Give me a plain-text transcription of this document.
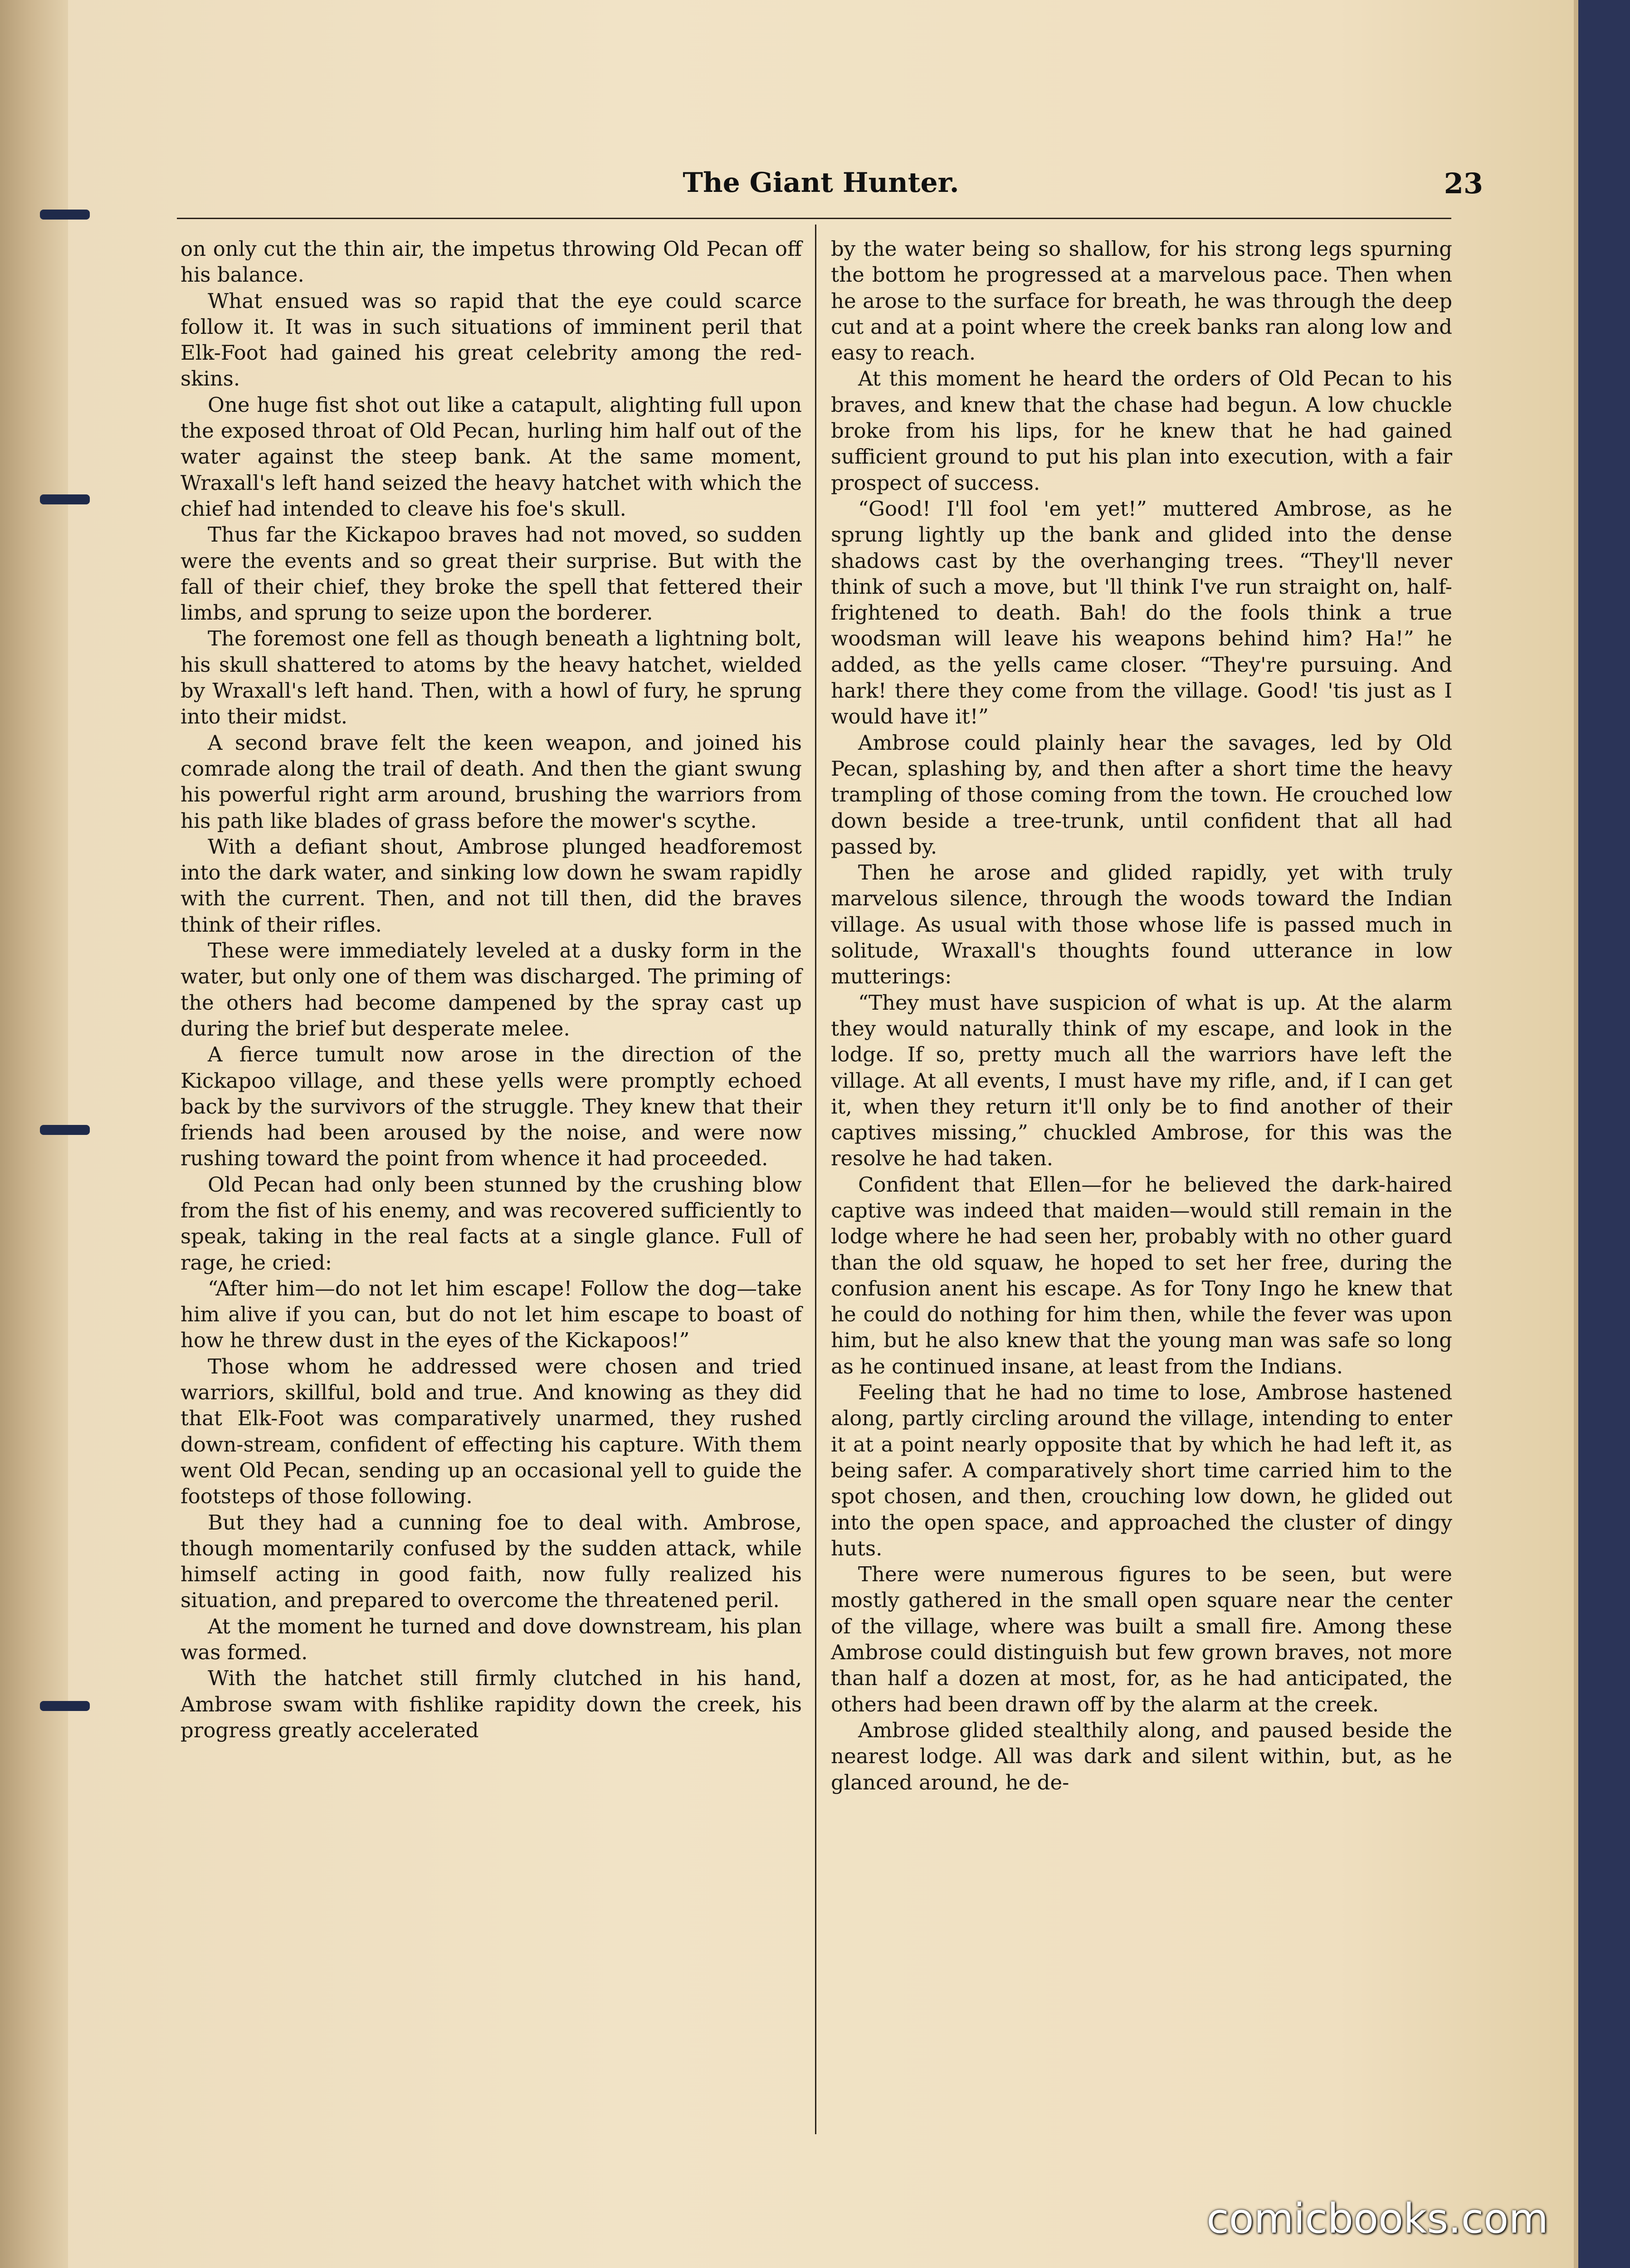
The Giant Hunter.	23

on only cut the thin air, the impetus throwing Old Pecan off his balance.

What ensued was so rapid that the eye could scarce follow it. It was in such situations of imminent peril that Elk-Foot had gained his great celebrity among the red-skins.

One huge fist shot out like a catapult, alighting full upon the exposed throat of Old Pecan, hurling him half out of the water against the steep bank. At the same moment, Wraxall's left hand seized the heavy hatchet with which the chief had intended to cleave his foe's skull.

Thus far the Kickapoo braves had not moved, so sudden were the events and so great their surprise. But with the fall of their chief, they broke the spell that fettered their limbs, and sprung to seize upon the borderer.

The foremost one fell as though beneath a lightning bolt, his skull shattered to atoms by the heavy hatchet, wielded by Wraxall's left hand. Then, with a howl of fury, he sprung into their midst.

A second brave felt the keen weapon, and joined his comrade along the trail of death. And then the giant swung his powerful right arm around, brushing the warriors from his path like blades of grass before the mower's scythe.

With a defiant shout, Ambrose plunged headforemost into the dark water, and sinking low down he swam rapidly with the current. Then, and not till then, did the braves think of their rifles.

These were immediately leveled at a dusky form in the water, but only one of them was discharged. The priming of the others had become dampened by the spray cast up during the brief but desperate melee.

A fierce tumult now arose in the direction of the Kickapoo village, and these yells were promptly echoed back by the survivors of the struggle. They knew that their friends had been aroused by the noise, and were now rushing toward the point from whence it had proceeded.

Old Pecan had only been stunned by the crushing blow from the fist of his enemy, and was recovered sufficiently to speak, taking in the real facts at a single glance. Full of rage, he cried:

“After him—do not let him escape! Follow the dog—take him alive if you can, but do not let him escape to boast of how he threw dust in the eyes of the Kickapoos!”

Those whom he addressed were chosen and tried warriors, skillful, bold and true. And knowing as they did that Elk-Foot was comparatively unarmed, they rushed down-stream, confident of effecting his capture. With them went Old Pecan, sending up an occasional yell to guide the footsteps of those following.

But they had a cunning foe to deal with. Ambrose, though momentarily confused by the sudden attack, while himself acting in good faith, now fully realized his situation, and prepared to overcome the threatened peril.

At the moment he turned and dove downstream, his plan was formed.

With the hatchet still firmly clutched in his hand, Ambrose swam with fishlike rapidity down the creek, his progress greatly accelerated

by the water being so shallow, for his strong legs spurning the bottom he progressed at a marvelous pace. Then when he arose to the surface for breath, he was through the deep cut and at a point where the creek banks ran along low and easy to reach.

At this moment he heard the orders of Old Pecan to his braves, and knew that the chase had begun. A low chuckle broke from his lips, for he knew that he had gained sufficient ground to put his plan into execution, with a fair prospect of success.

“Good! I'll fool 'em yet!” muttered Ambrose, as he sprung lightly up the bank and glided into the dense shadows cast by the overhanging trees. “They'll never think of such a move, but 'll think I've run straight on, half-frightened to death. Bah! do the fools think a true woodsman will leave his weapons behind him? Ha!” he added, as the yells came closer. “They're pursuing. And hark! there they come from the village. Good! 'tis just as I would have it!”

Ambrose could plainly hear the savages, led by Old Pecan, splashing by, and then after a short time the heavy trampling of those coming from the town. He crouched low down beside a tree-trunk, until confident that all had passed by.

Then he arose and glided rapidly, yet with truly marvelous silence, through the woods toward the Indian village. As usual with those whose life is passed much in solitude, Wraxall's thoughts found utterance in low mutterings:

“They must have suspicion of what is up. At the alarm they would naturally think of my escape, and look in the lodge. If so, pretty much all the warriors have left the village. At all events, I must have my rifle, and, if I can get it, when they return it'll only be to find another of their captives missing,” chuckled Ambrose, for this was the resolve he had taken.

Confident that Ellen—for he believed the dark-haired captive was indeed that maiden—would still remain in the lodge where he had seen her, probably with no other guard than the old squaw, he hoped to set her free, during the confusion anent his escape. As for Tony Ingo he knew that he could do nothing for him then, while the fever was upon him, but he also knew that the young man was safe so long as he continued insane, at least from the Indians.

Feeling that he had no time to lose, Ambrose hastened along, partly circling around the village, intending to enter it at a point nearly opposite that by which he had left it, as being safer. A comparatively short time carried him to the spot chosen, and then, crouching low down, he glided out into the open space, and approached the cluster of dingy huts.

There were numerous figures to be seen, but were mostly gathered in the small open square near the center of the village, where was built a small fire. Among these Ambrose could distinguish but few grown braves, not more than half a dozen at most, for, as he had anticipated, the others had been drawn off by the alarm at the creek.

Ambrose glided stealthily along, and paused beside the nearest lodge. All was dark and silent within, but, as he glanced around, he de-

comicbooks.com
